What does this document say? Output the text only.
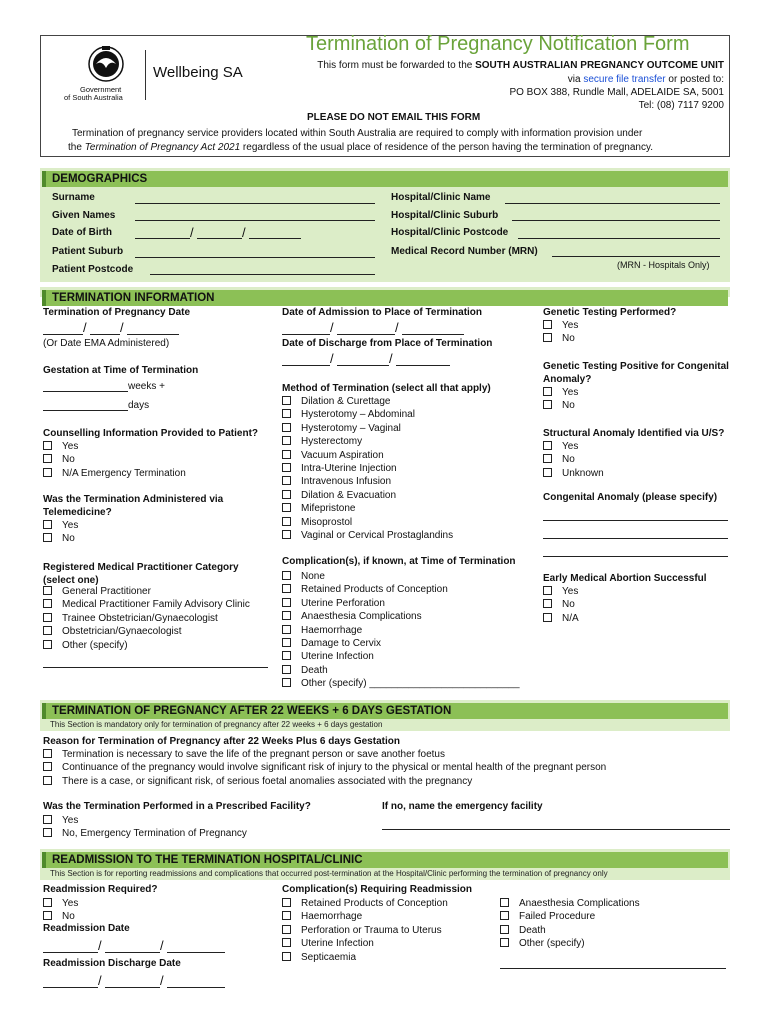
Government
of South Australia
Wellbeing SA
Termination of Pregnancy Notification Form
This form must be forwarded to the SOUTH AUSTRALIAN PREGNANCY OUTCOME UNIT
via secure file transfer or posted to:
PO BOX 388, Rundle Mall, ADELAIDE SA, 5001
Tel: (08) 7117 9200
PLEASE DO NOT EMAIL THIS FORM
Termination of pregnancy service providers located within South Australia are required to comply with information provision under
the Termination of Pregnancy Act 2021 regardless of the usual place of residence of the person having the termination of pregnancy.
DEMOGRAPHICS
Surname
Given Names
Date of Birth	/	/
Patient Suburb
Patient Postcode
Hospital/Clinic Name
Hospital/Clinic Suburb
Hospital/Clinic Postcode
Medical Record Number (MRN)
(MRN - Hospitals Only)
TERMINATION INFORMATION
Termination of Pregnancy Date
/	/
(Or Date EMA Administered)
Gestation at Time of Termination
weeks +
days
Counselling Information Provided to Patient?
Yes
No
N/A Emergency Termination
Was the Termination Administered via
Telemedicine?
Yes
No
Registered Medical Practitioner Category
(select one)
General Practitioner
Medical Practitioner Family Advisory Clinic
Trainee Obstetrician/Gynaecologist
Obstetrician/Gynaecologist
Other (specify)
Date of Admission to Place of Termination
/	/
Date of Discharge from Place of Termination
/	/
Method of Termination (select all that apply)
Dilation & Curettage
Hysterotomy – Abdominal
Hysterotomy – Vaginal
Hysterectomy
Vacuum Aspiration
Intra-Uterine Injection
Intravenous Infusion
Dilation & Evacuation
Mifepristone
Misoprostol
Vaginal or Cervical Prostaglandins
Complication(s), if known, at Time of Termination
None
Retained Products of Conception
Uterine Perforation
Anaesthesia Complications
Haemorrhage
Damage to Cervix
Uterine Infection
Death
Other (specify) ___________________________
Genetic Testing Performed?
Yes
No
Genetic Testing Positive for Congenital
Anomaly?
Yes
No
Structural Anomaly Identified via U/S?
Yes
No
Unknown
Congenital Anomaly (please specify)
Early Medical Abortion Successful
Yes
No
N/A
TERMINATION OF PREGNANCY AFTER 22 WEEKS + 6 DAYS GESTATION
This Section is mandatory only for termination of pregnancy after 22 weeks + 6 days gestation
Reason for Termination of Pregnancy after 22 Weeks Plus 6 days Gestation
Termination is necessary to save the life of the pregnant person or save another foetus
Continuance of the pregnancy would involve significant risk of injury to the physical or mental health of the pregnant person
There is a case, or significant risk, of serious foetal anomalies associated with the pregnancy
Was the Termination Performed in a Prescribed Facility?
Yes
No, Emergency Termination of Pregnancy
If no, name the emergency facility
READMISSION TO THE TERMINATION HOSPITAL/CLINIC
This Section is for reporting readmissions and complications that occurred post-termination at the Hospital/Clinic performing the termination of pregnancy only
Readmission Required?
Yes
No
Readmission Date
/	/
Readmission Discharge Date
/	/
Complication(s) Requiring Readmission
Retained Products of Conception
Haemorrhage
Perforation or Trauma to Uterus
Uterine Infection
Septicaemia
Anaesthesia Complications
Failed Procedure
Death
Other (specify)
